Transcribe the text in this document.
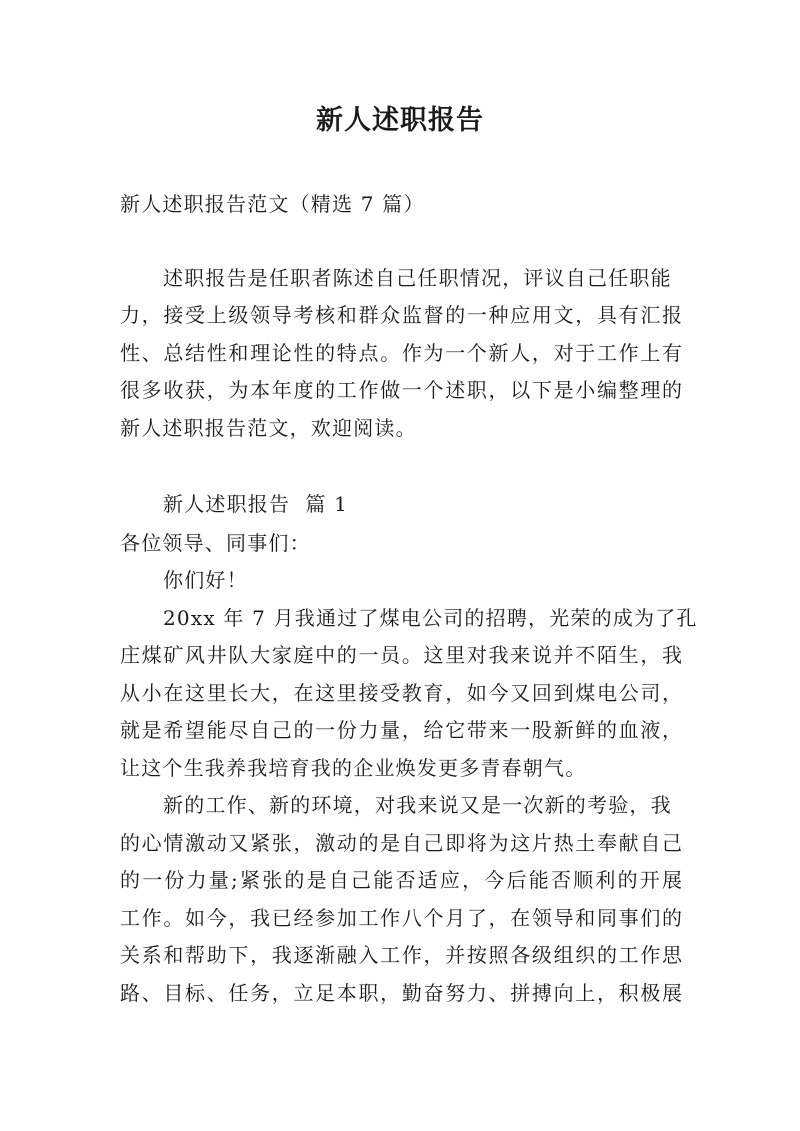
新人述职报告
新人述职报告范文（精选 7 篇）
述职报告是任职者陈述自己任职情况，评议自己任职能
力，接受上级领导考核和群众监督的一种应用文，具有汇报
性、总结性和理论性的特点。作为一个新人，对于工作上有
很多收获，为本年度的工作做一个述职，以下是小编整理的
新人述职报告范文，欢迎阅读。
新人述职报告  篇 1
各位领导、同事们：
你们好！
20xx 年 7 月我通过了煤电公司的招聘，光荣的成为了孔
庄煤矿风井队大家庭中的一员。这里对我来说并不陌生，我
从小在这里长大，在这里接受教育，如今又回到煤电公司，
就是希望能尽自己的一份力量，给它带来一股新鲜的血液，
让这个生我养我培育我的企业焕发更多青春朝气。
新的工作、新的环境，对我来说又是一次新的考验，我
的心情激动又紧张，激动的是自己即将为这片热土奉献自己
的一份力量;紧张的是自己能否适应，今后能否顺利的开展
工作。如今，我已经参加工作八个月了，在领导和同事们的
关系和帮助下，我逐渐融入工作，并按照各级组织的工作思
路、目标、任务，立足本职，勤奋努力、拼搏向上，积极展
